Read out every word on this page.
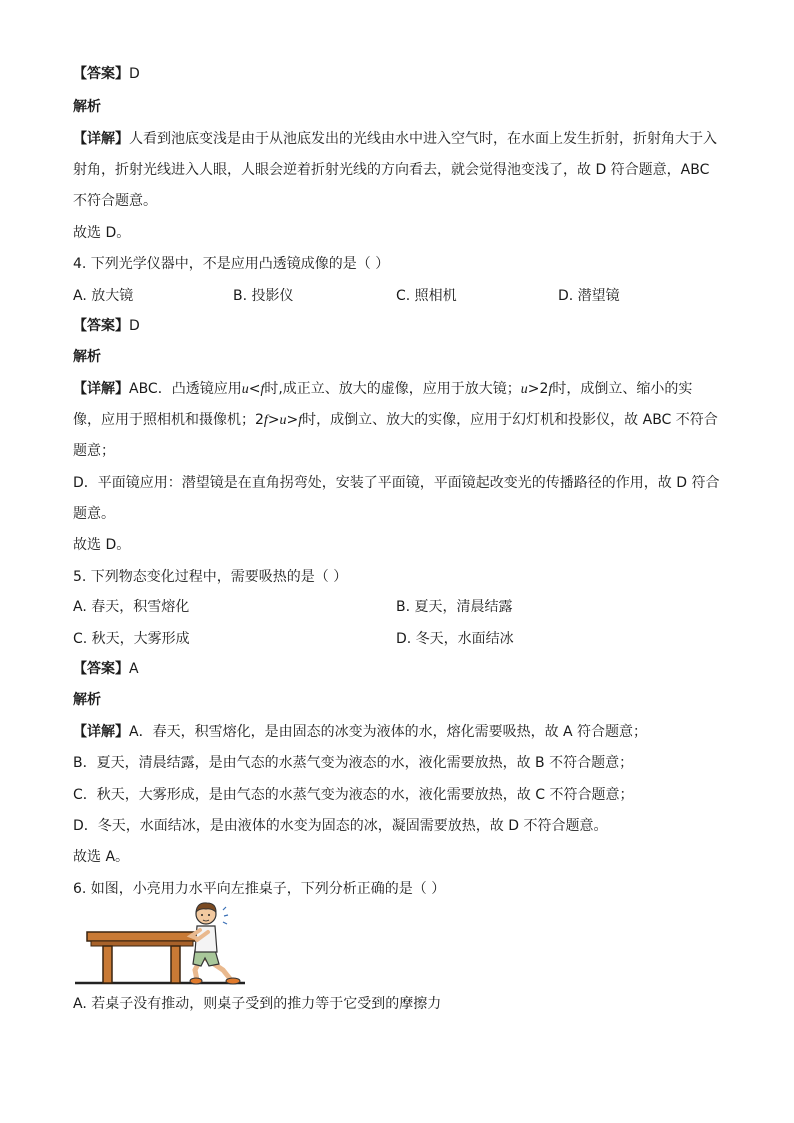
【答案】D
解析
【详解】人看到池底变浅是由于从池底发出的光线由水中进入空气时，在水面上发生折射，折射角大于入
射角，折射光线进入人眼，人眼会逆着折射光线的方向看去，就会觉得池变浅了，故 D 符合题意，ABC
不符合题意。
故选 D。
4. 下列光学仪器中，不是应用凸透镜成像的是（ ）
A. 放大镜	B. 投影仪	C. 照相机	D. 潜望镜
【答案】D
解析
【详解】ABC．凸透镜应用u<f时,成正立、放大的虚像，应用于放大镜；u>2f时，成倒立、缩小的实
像，应用于照相机和摄像机；2f>u>f时，成倒立、放大的实像，应用于幻灯机和投影仪，故 ABC 不符合
题意；
D．平面镜应用：潜望镜是在直角拐弯处，安装了平面镜，平面镜起改变光的传播路径的作用，故 D 符合
题意。
故选 D。
5. 下列物态变化过程中，需要吸热的是（ ）
A. 春天，积雪熔化	B. 夏天，清晨结露
C. 秋天，大雾形成	D. 冬天，水面结冰
【答案】A
解析
【详解】A．春天，积雪熔化，是由固态的冰变为液体的水，熔化需要吸热，故 A 符合题意；
B．夏天，清晨结露，是由气态的水蒸气变为液态的水，液化需要放热，故 B 不符合题意；
C．秋天，大雾形成，是由气态的水蒸气变为液态的水，液化需要放热，故 C 不符合题意；
D．冬天，水面结冰，是由液体的水变为固态的冰，凝固需要放热，故 D 不符合题意。
故选 A。
6. 如图，小亮用力水平向左推桌子，下列分析正确的是（ ）
A. 若桌子没有推动，则桌子受到的推力等于它受到的摩擦力
